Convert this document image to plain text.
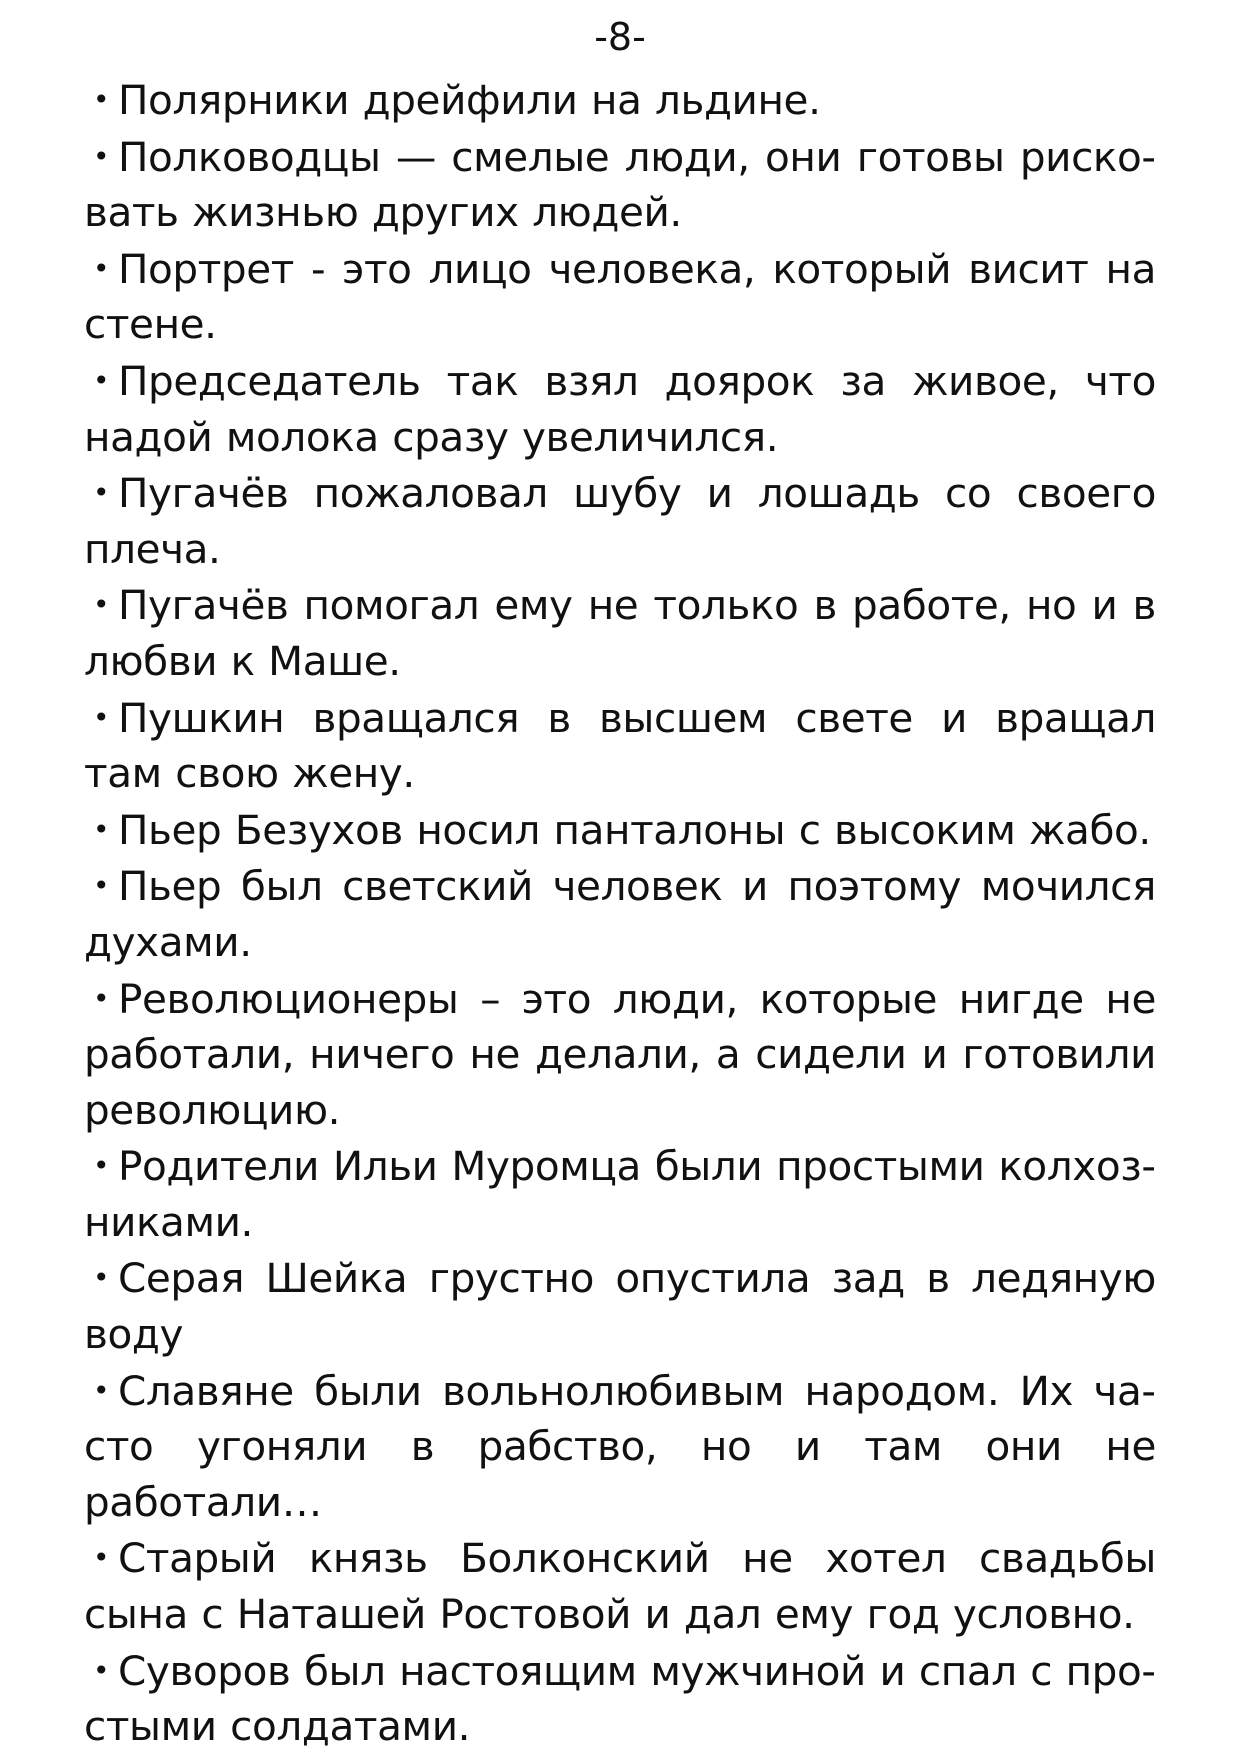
-8-
• Полярники дрейфили на льдине.
• Полководцы — смелые люди, они готовы рисковать жизнью других людей.
• Портрет - это лицо человека, который висит на стене.
• Председатель так взял доярок за живое, что надой молока сразу увеличился.
• Пугачёв пожаловал шубу и лошадь со своего плеча.
• Пугачёв помогал ему не только в работе, но и в любви к Маше.
• Пушкин вращался в высшем свете и вращал там свою жену.
• Пьер Безухов носил панталоны с высоким жабо.
• Пьер был светский человек и поэтому мочился духами.
• Революционеры – это люди, которые нигде не работали, ничего не делали, а сидели и готовили революцию.
• Родители Ильи Муромца были простыми колхозниками.
• Серая Шейка грустно опустила зад в ледяную воду
• Славяне были вольнолюбивым народом. Их часто угоняли в рабство, но и там они не работали…
• Старый князь Болконский не хотел свадьбы сына с Наташей Ростовой и дал ему год условно.
• Суворов был настоящим мужчиной и спал с простыми солдатами.
